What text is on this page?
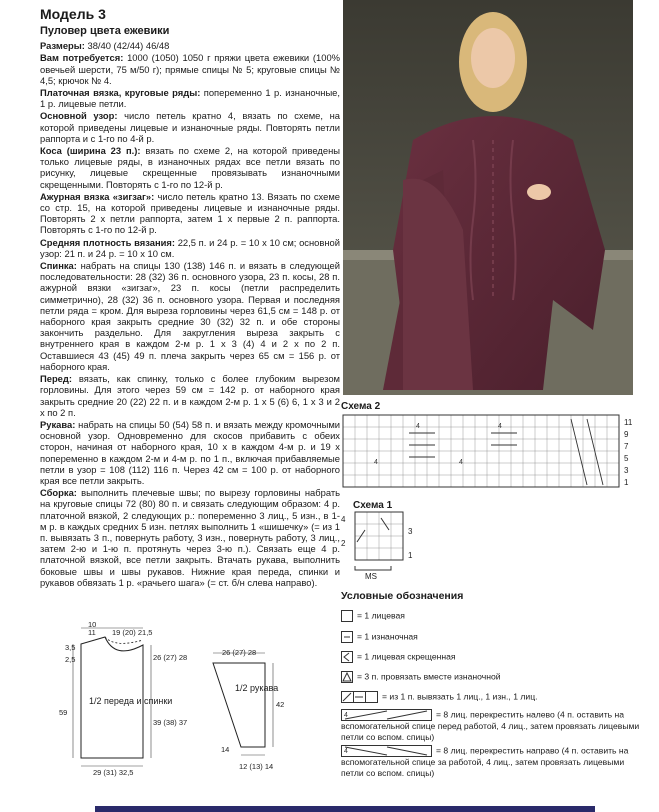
Модель 3
Пуловер цвета ежевики
Размеры: 38/40 (42/44) 46/48
Вам потребуется: 1000 (1050) 1050 г пряжи цвета ежевики (100% овечьей шерсти, 75 м/50 г); прямые спицы № 5; круговые спицы № 4,5; крючок № 4.
Платочная вязка, круговые ряды: попеременно 1 р. изнаночные, 1 р. лицевые петли.
Основной узор: число петель кратно 4, вязать по схеме, на которой приведены лицевые и изнаночные ряды. Повторять петли раппорта и с 1-го по 4-й р.
Коса (ширина 23 п.): вязать по схеме 2, на которой приведены только лицевые ряды, в изнаночных рядах все петли вязать по рисунку, лицевые скрещенные провязывать изнаночными скрещенными. Повторять с 1-го по 12-й р.
Ажурная вязка «зигзаг»: число петель кратно 13. Вязать по схеме со стр. 15, на которой приведены лицевые и изнаночные ряды. Повторять 2 х петли раппорта, затем 1 х первые 2 п. раппорта. Повторять с 1-го по 12-й р.
Средняя плотность вязания: 22,5 п. и 24 р. = 10 х 10 см; основной узор: 21 п. и 24 р. = 10 х 10 см.
Спинка: набрать на спицы 130 (138) 146 п. и вязать в следующей последовательности: 28 (32) 36 п. основного узора, 23 п. косы, 28 п. ажурной вязки «зигзаг», 23 п. косы (петли распределить симметрично), 28 (32) 36 п. основного узора. Первая и последняя петли ряда = кром. Для выреза горловины через 61,5 см = 148 р. от наборного края закрыть средние 30 (32) 32 п. и обе стороны закончить раздельно. Для закругления выреза закрыть с внутреннего края в каждом 2-м р. 1 х 3 (4) 4 и 2 х по 2 п. Оставшиеся 43 (45) 49 п. плеча закрыть через 65 см = 156 р. от наборного края.
Перед: вязать, как спинку, только с более глубоким вырезом горловины. Для этого через 59 см = 142 р. от наборного края закрыть средние 20 (22) 22 п. и в каждом 2-м р. 1 х 5 (6) 6, 1 х 3 и 2 х по 2 п.
Рукава: набрать на спицы 50 (54) 58 п. и вязать между кромочными основной узор. Одновременно для скосов прибавить с обеих сторон, начиная от наборного края, 10 х в каждом 4-м р. и 19 х попеременно в каждом 2-м и 4-м р. по 1 п., включая прибавляемые петли в узор = 108 (112) 116 п. Через 42 см = 100 р. от наборного края все петли закрыть.
Сборка: выполнить плечевые швы; по вырезу горловины набрать на круговые спицы 72 (80) 80 п. и связать следующим образом: 4 р. платочной вязкой, 2 следующих р.: попеременно 3 лиц., 5 изн., в 1-м р. в каждых средних 5 изн. петлях выполнить 1 «шишечку» (= из 1 п. вывязать 3 п., повернуть работу, 3 изн., повернуть работу, 3 лиц., затем 2-ю и 1-ю п. протянуть через 3-ю п.). Связать еще 4 р. платочной вязкой, все петли закрыть. Втачать рукава, выполнить боковые швы и швы рукавов. Нижние края переда, спинки и рукавов обвязать 1 р. «рачьего шага» (= ст. б/н слева направо).
Схема 2
4	4
4	4
11
9
7
5
3
1
Схема 1
4
2
3
1
MS
Условные обозначения
= 1 лицевая
= 1 изнаночная
= 1 лицевая скрещенная
= 3 п. провязать вместе изнаночной
= из 1 п. вывязать 1 лиц., 1 изн., 1 лиц.
4	= 8 лиц. перекрестить налево (4 п. оставить на вспомогательной спице перед работой, 4 лиц., затем провязать лицевыми петли со вспом. спицы)
4	= 8 лиц. перекрестить направо (4 п. оставить на вспомогательной спице за работой, 4 лиц., затем провязать лицевыми петли со вспом. спицы)
10
11 19 (20) 21,5
3,5
2,5
59
26 (27) 28
39 (38) 37
29 (31) 32,5
1/2 переда и спинки
26 (27) 28
42
14
12 (13) 14
1/2 рукава
